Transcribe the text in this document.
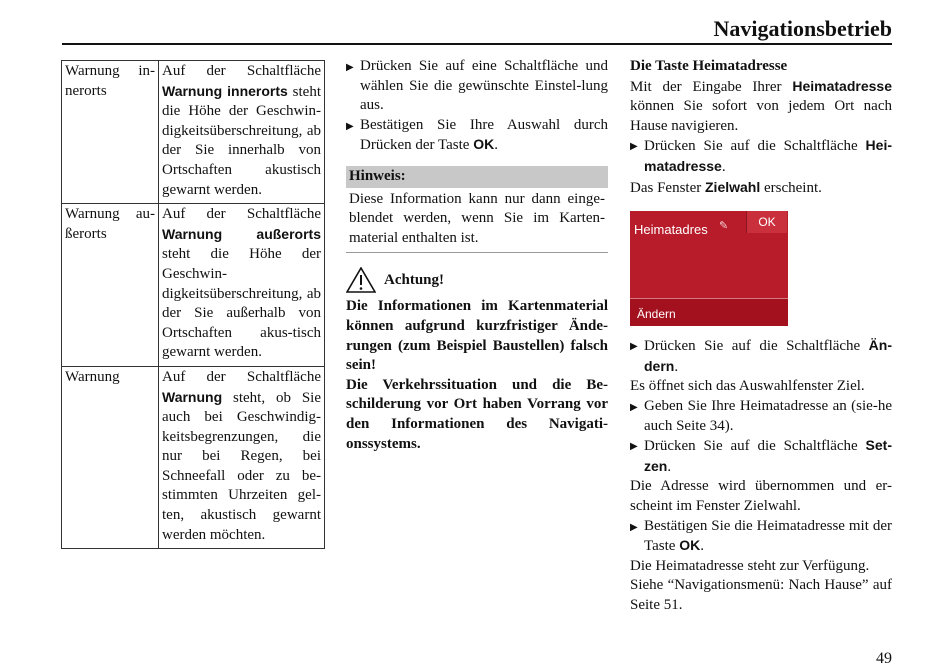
Navigationsbetrieb
Warnung in-nerorts	Auf der Schaltfläche Warnung innerorts steht die Höhe der Geschwin-digkeitsüberschreitung, ab der Sie innerhalb von Ortschaften akustisch gewarnt werden.
Warnung au-ßerorts	Auf der Schaltfläche Warnung außerorts steht die Höhe der Geschwin-digkeitsüberschreitung, ab der Sie außerhalb von Ortschaften akus-tisch gewarnt werden.
Warnung	Auf der Schaltfläche Warnung steht, ob Sie auch bei Geschwindig-keitsbegrenzungen, die nur bei Regen, bei Schneefall oder zu be-stimmten Uhrzeiten gel-ten, akustisch gewarnt werden möchten.
▶ Drücken Sie auf eine Schaltfläche und wählen Sie die gewünschte Einstel-lung aus.
▶ Bestätigen Sie Ihre Auswahl durch Drücken der Taste OK.
Hinweis:
Diese Information kann nur dann einge-blendet werden, wenn Sie im Karten-material enthalten ist.
Achtung!
Die Informationen im Kartenmaterial können aufgrund kurzfristiger Ände-rungen (zum Beispiel Baustellen) falsch sein!
Die Verkehrssituation und die Be-schilderung vor Ort haben Vorrang vor den Informationen des Navigati-onssystems.
Die Taste Heimatadresse
Mit der Eingabe Ihrer Heimatadresse können Sie sofort von jedem Ort nach Hause navigieren.
▶ Drücken Sie auf die Schaltfläche Hei-matadresse.
Das Fenster Zielwahl erscheint.
Heimatadres ✎	OK
Ändern
▶ Drücken Sie auf die Schaltfläche Än-dern.
Es öffnet sich das Auswahlfenster Ziel.
▶ Geben Sie Ihre Heimatadresse an (sie-he auch Seite 34).
▶ Drücken Sie auf die Schaltfläche Set-zen.
Die Adresse wird übernommen und er-scheint im Fenster Zielwahl.
▶ Bestätigen Sie die Heimatadresse mit der Taste OK.
Die Heimatadresse steht zur Verfügung.
Siehe “Navigationsmenü: Nach Hause” auf Seite 51.
49
